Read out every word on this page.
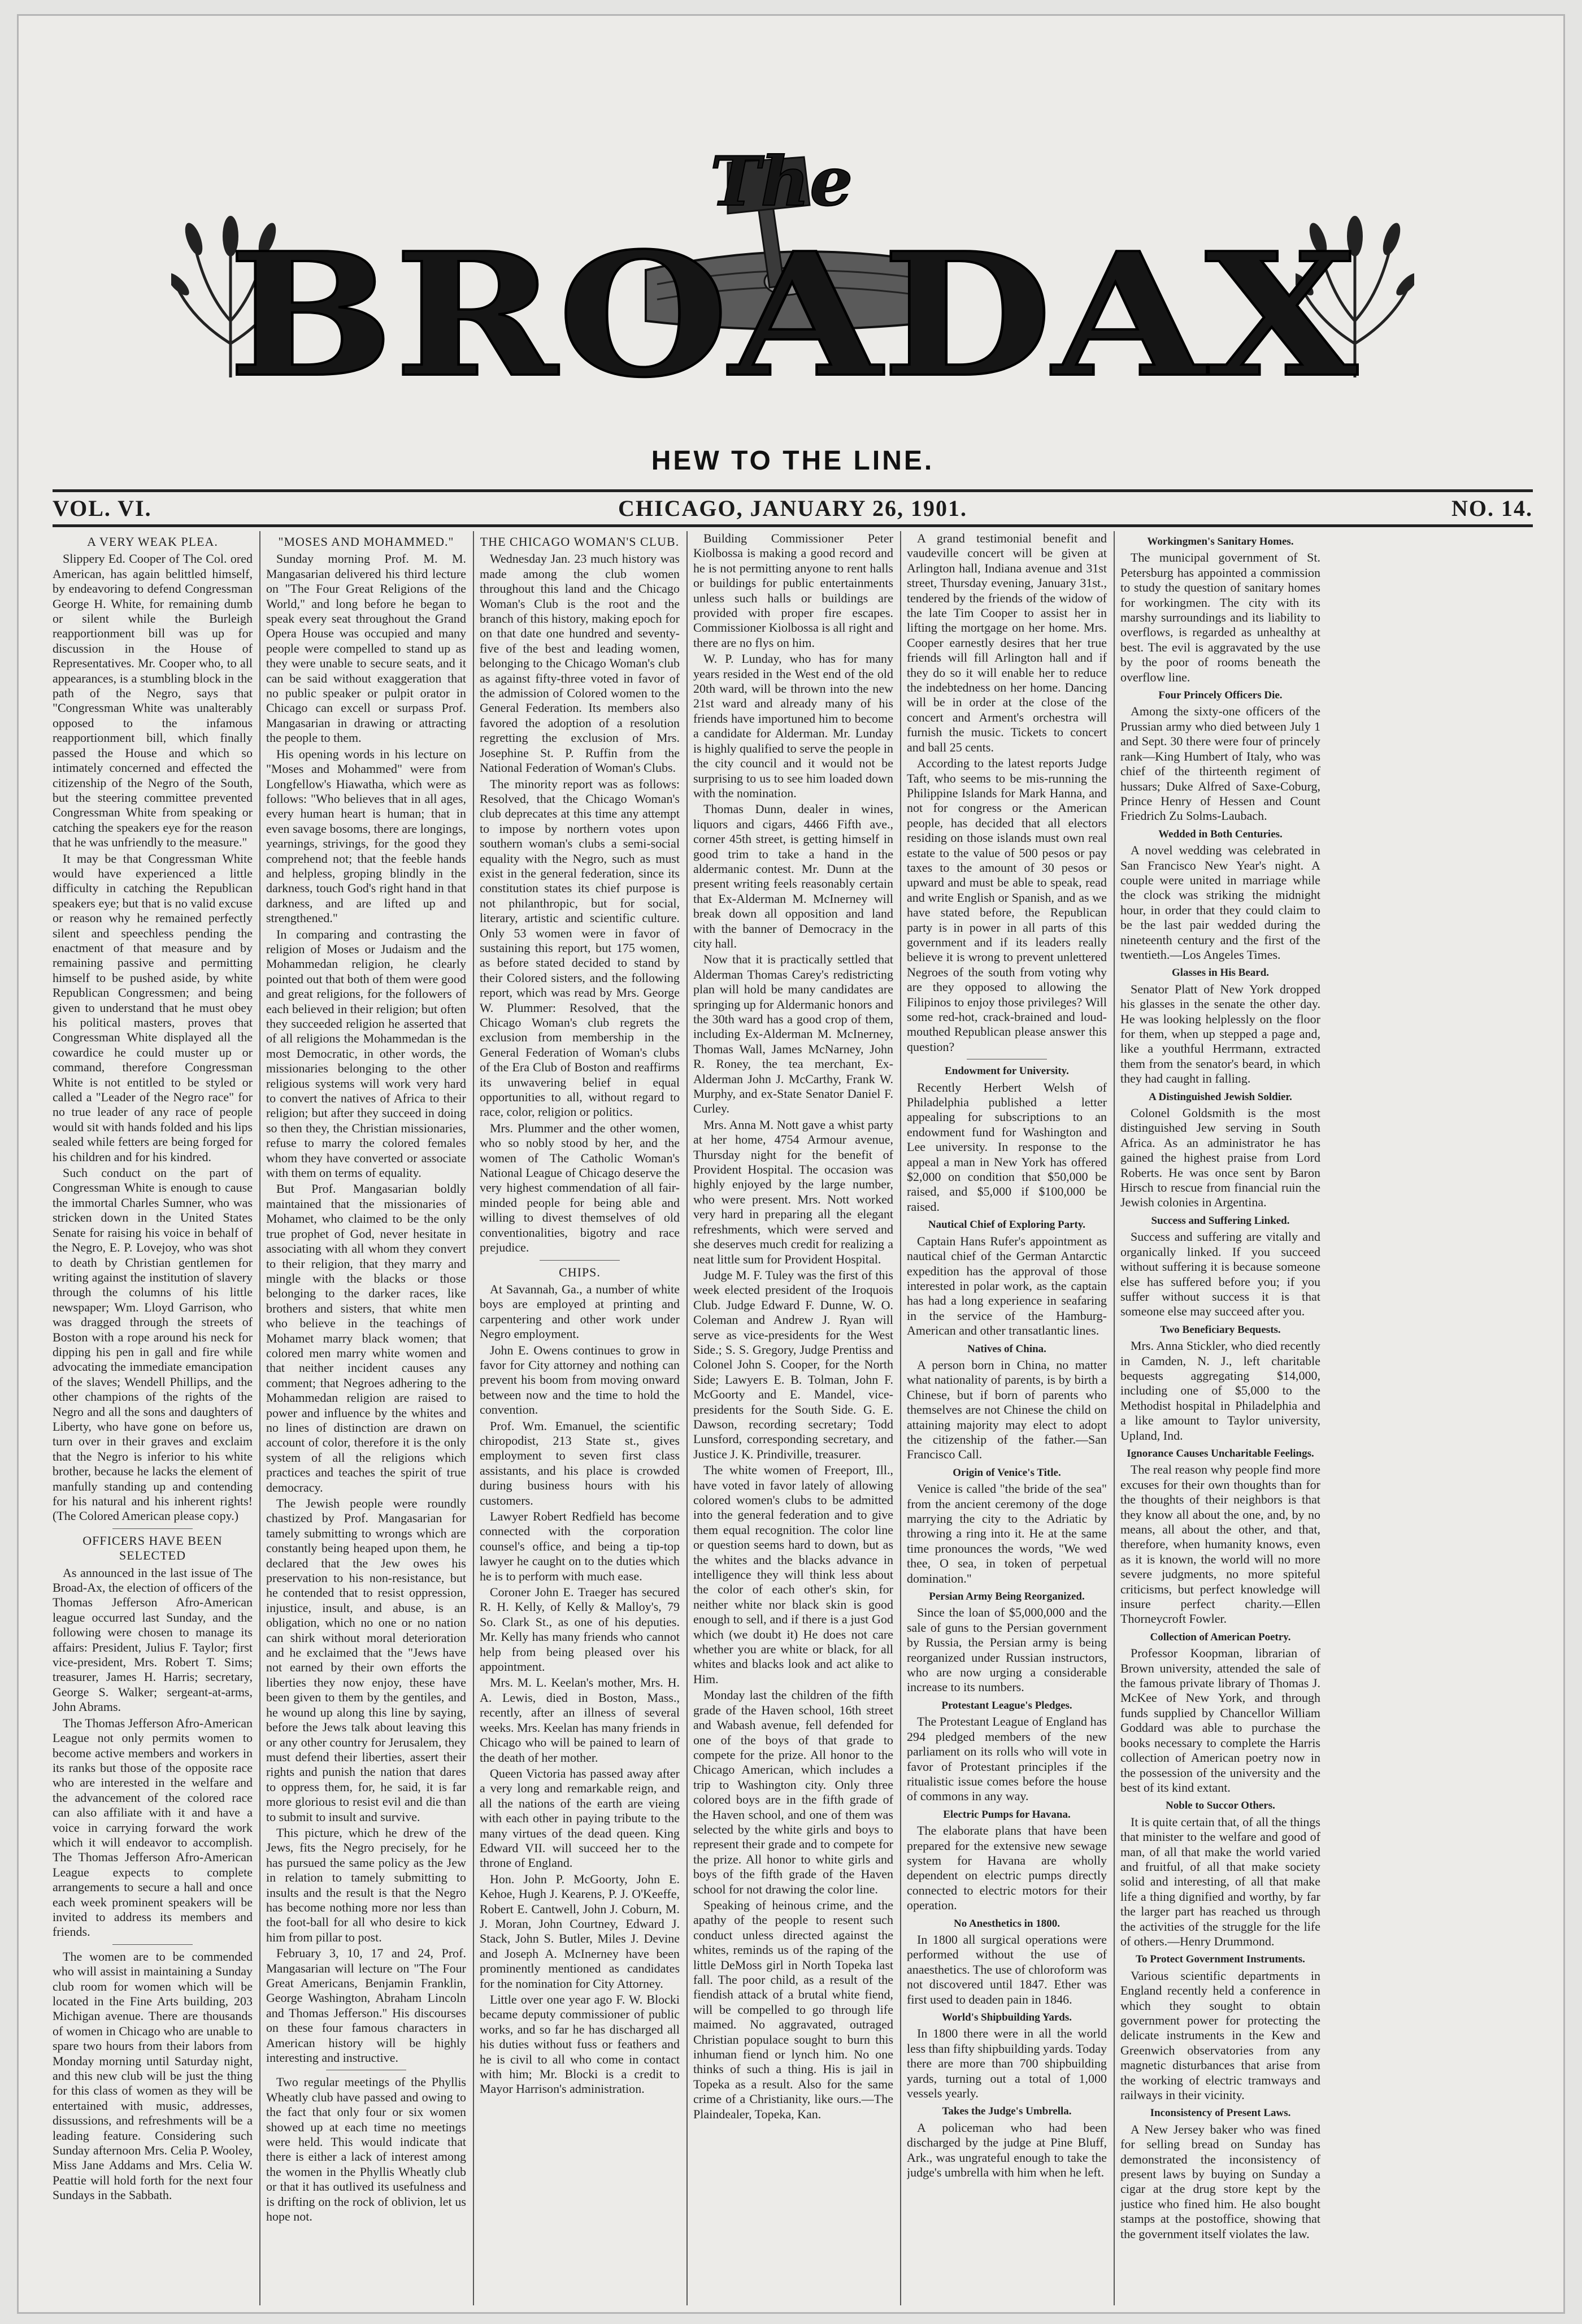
The
BROADAX
HEW TO THE LINE.
VOL. VI.	CHICAGO, JANUARY 26, 1901.	NO. 14.
A VERY WEAK PLEA.

Slippery Ed. Cooper of The Col. ored American, has again belittled himself, by endeavoring to defend Congressman George H. White, for remaining dumb or silent while the Burleigh reapportionment bill was up for discussion in the House of Representatives. Mr. Cooper who, to all appearances, is a stumbling block in the path of the Negro, says that "Congressman White was unalterably opposed to the infamous reapportionment bill, which finally passed the House and which so intimately concerned and effected the citizenship of the Negro of the South, but the steering committee prevented Congressman White from speaking or catching the speakers eye for the reason that he was unfriendly to the measure."

It may be that Congressman White would have experienced a little difficulty in catching the Republican speakers eye; but that is no valid excuse or reason why he remained perfectly silent and speechless pending the enactment of that measure and by remaining passive and permitting himself to be pushed aside, by white Republican Congressmen; and being given to understand that he must obey his political masters, proves that Congressman White displayed all the cowardice he could muster up or command, therefore Congressman White is not entitled to be styled or called a "Leader of the Negro race" for no true leader of any race of people would sit with hands folded and his lips sealed while fetters are being forged for his children and for his kindred.

Such conduct on the part of Congressman White is enough to cause the immortal Charles Sumner, who was stricken down in the United States Senate for raising his voice in behalf of the Negro, E. P. Lovejoy, who was shot to death by Christian gentlemen for writing against the institution of slavery through the columns of his little newspaper; Wm. Lloyd Garrison, who was dragged through the streets of Boston with a rope around his neck for dipping his pen in gall and fire while advocating the immediate emancipation of the slaves; Wendell Phillips, and the other champions of the rights of the Negro and all the sons and daughters of Liberty, who have gone on before us, turn over in their graves and exclaim that the Negro is inferior to his white brother, because he lacks the element of manfully standing up and contending for his natural and his inherent rights! (The Colored American please copy.)

OFFICERS HAVE BEEN SELECTED

As announced in the last issue of The Broad-Ax, the election of officers of the Thomas Jefferson Afro-American league occurred last Sunday, and the following were chosen to manage its affairs: President, Julius F. Taylor; first vice-president, Mrs. Robert T. Sims; treasurer, James H. Harris; secretary, George S. Walker; sergeant-at-arms, John Abrams.

The Thomas Jefferson Afro-American League not only permits women to become active members and workers in its ranks but those of the opposite race who are interested in the welfare and the advancement of the colored race can also affiliate with it and have a voice in carrying forward the work which it will endeavor to accomplish. The Thomas Jefferson Afro-American League expects to complete arrangements to secure a hall and once each week prominent speakers will be invited to address its members and friends.

The women are to be commended who will assist in maintaining a Sunday club room for women which will be located in the Fine Arts building, 203 Michigan avenue. There are thousands of women in Chicago who are unable to spare two hours from their labors from Monday morning until Saturday night, and this new club will be just the thing for this class of women as they will be entertained with music, addresses, dissussions, and refreshments will be a leading feature. Considering such Sunday afternoon Mrs. Celia P. Wooley, Miss Jane Addams and Mrs. Celia W. Peattie will hold forth for the next four Sundays in the Sabbath.

"MOSES AND MOHAMMED."

Sunday morning Prof. M. M. Mangasarian delivered his third lecture on "The Four Great Religions of the World," and long before he began to speak every seat throughout the Grand Opera House was occupied and many people were compelled to stand up as they were unable to secure seats, and it can be said without exaggeration that no public speaker or pulpit orator in Chicago can excell or surpass Prof. Mangasarian in drawing or attracting the people to them.

His opening words in his lecture on "Moses and Mohammed" were from Longfellow's Hiawatha, which were as follows: "Who believes that in all ages, every human heart is human; that in even savage bosoms, there are longings, yearnings, strivings, for the good they comprehend not; that the feeble hands and helpless, groping blindly in the darkness, touch God's right hand in that darkness, and are lifted up and strengthened."

In comparing and contrasting the religion of Moses or Judaism and the Mohammedan religion, he clearly pointed out that both of them were good and great religions, for the followers of each believed in their religion; but often they succeeded religion he asserted that of all religions the Mohammedan is the most Democratic, in other words, the missionaries belonging to the other religious systems will work very hard to convert the natives of Africa to their religion; but after they succeed in doing so then they, the Christian missionaries, refuse to marry the colored females whom they have converted or associate with them on terms of equality.

But Prof. Mangasarian boldly maintained that the missionaries of Mohamet, who claimed to be the only true prophet of God, never hesitate in associating with all whom they convert to their religion, that they marry and mingle with the blacks or those belonging to the darker races, like brothers and sisters, that white men who believe in the teachings of Mohamet marry black women; that colored men marry white women and that neither incident causes any comment; that Negroes adhering to the Mohammedan religion are raised to power and influence by the whites and no lines of distinction are drawn on account of color, therefore it is the only system of all the religions which practices and teaches the spirit of true democracy.

The Jewish people were roundly chastized by Prof. Mangasarian for tamely submitting to wrongs which are constantly being heaped upon them, he declared that the Jew owes his preservation to his non-resistance, but he contended that to resist oppression, injustice, insult, and abuse, is an obligation, which no one or no nation can shirk without moral deterioration and he exclaimed that the "Jews have not earned by their own efforts the liberties they now enjoy, these have been given to them by the gentiles, and he wound up along this line by saying, before the Jews talk about leaving this or any other country for Jerusalem, they must defend their liberties, assert their rights and punish the nation that dares to oppress them, for, he said, it is far more glorious to resist evil and die than to submit to insult and survive.

This picture, which he drew of the Jews, fits the Negro precisely, for he has pursued the same policy as the Jew in relation to tamely submitting to insults and the result is that the Negro has become nothing more nor less than the foot-ball for all who desire to kick him from pillar to post.

February 3, 10, 17 and 24, Prof. Mangasarian will lecture on "The Four Great Americans, Benjamin Franklin, George Washington, Abraham Lincoln and Thomas Jefferson." His discourses on these four famous characters in American history will be highly interesting and instructive.

Two regular meetings of the Phyllis Wheatly club have passed and owing to the fact that only four or six women showed up at each time no meetings were held. This would indicate that there is either a lack of interest among the women in the Phyllis Wheatly club or that it has outlived its usefulness and is drifting on the rock of oblivion, let us hope not.

THE CHICAGO WOMAN'S CLUB.

Wednesday Jan. 23 much history was made among the club women throughout this land and the Chicago Woman's Club is the root and the branch of this history, making epoch for on that date one hundred and seventy-five of the best and leading women, belonging to the Chicago Woman's club as against fifty-three voted in favor of the admission of Colored women to the General Federation. Its members also favored the adoption of a resolution regretting the exclusion of Mrs. Josephine St. P. Ruffin from the National Federation of Woman's Clubs.

The minority report was as follows: Resolved, that the Chicago Woman's club deprecates at this time any attempt to impose by northern votes upon southern woman's clubs a semi-social equality with the Negro, such as must exist in the general federation, since its constitution states its chief purpose is not philanthropic, but for social, literary, artistic and scientific culture. Only 53 women were in favor of sustaining this report, but 175 women, as before stated decided to stand by their Colored sisters, and the following report, which was read by Mrs. George W. Plummer: Resolved, that the Chicago Woman's club regrets the exclusion from membership in the General Federation of Woman's clubs of the Era Club of Boston and reaffirms its unwavering belief in equal opportunities to all, without regard to race, color, religion or politics.

Mrs. Plummer and the other women, who so nobly stood by her, and the women of The Catholic Woman's National League of Chicago deserve the very highest commendation of all fair-minded people for being able and willing to divest themselves of old conventionalities, bigotry and race prejudice.

CHIPS.

At Savannah, Ga., a number of white boys are employed at printing and carpentering and other work under Negro employment.

John E. Owens continues to grow in favor for City attorney and nothing can prevent his boom from moving onward between now and the time to hold the convention.

Prof. Wm. Emanuel, the scientific chiropodist, 213 State st., gives employment to seven first class assistants, and his place is crowded during business hours with his customers.

Lawyer Robert Redfield has become connected with the corporation counsel's office, and being a tip-top lawyer he caught on to the duties which he is to perform with much ease.

Coroner John E. Traeger has secured R. H. Kelly, of Kelly & Malloy's, 79 So. Clark St., as one of his deputies. Mr. Kelly has many friends who cannot help from being pleased over his appointment.

Mrs. M. L. Keelan's mother, Mrs. H. A. Lewis, died in Boston, Mass., recently, after an illness of several weeks. Mrs. Keelan has many friends in Chicago who will be pained to learn of the death of her mother.

Queen Victoria has passed away after a very long and remarkable reign, and all the nations of the earth are vieing with each other in paying tribute to the many virtues of the dead queen. King Edward VII. will succeed her to the throne of England.

Hon. John P. McGoorty, John E. Kehoe, Hugh J. Kearens, P. J. O'Keeffe, Robert E. Cantwell, John J. Coburn, M. J. Moran, John Courtney, Edward J. Stack, John S. Butler, Miles J. Devine and Joseph A. McInerney have been prominently mentioned as candidates for the nomination for City Attorney.

Little over one year ago F. W. Blocki became deputy commissioner of public works, and so far he has discharged all his duties without fuss or feathers and he is civil to all who come in contact with him; Mr. Blocki is a credit to Mayor Harrison's administration.

Building Commissioner Peter Kiolbossa is making a good record and he is not permitting anyone to rent halls or buildings for public entertainments unless such halls or buildings are provided with proper fire escapes. Commissioner Kiolbossa is all right and there are no flys on him.

W. P. Lunday, who has for many years resided in the West end of the old 20th ward, will be thrown into the new 21st ward and already many of his friends have importuned him to become a candidate for Alderman. Mr. Lunday is highly qualified to serve the people in the city council and it would not be surprising to us to see him loaded down with the nomination.

Thomas Dunn, dealer in wines, liquors and cigars, 4466 Fifth ave., corner 45th street, is getting himself in good trim to take a hand in the aldermanic contest. Mr. Dunn at the present writing feels reasonably certain that Ex-Alderman M. McInerney will break down all opposition and land with the banner of Democracy in the city hall.

Now that it is practically settled that Alderman Thomas Carey's redistricting plan will hold be many candidates are springing up for Aldermanic honors and the 30th ward has a good crop of them, including Ex-Alderman M. McInerney, Thomas Wall, James McNarney, John R. Roney, the tea merchant, Ex-Alderman John J. McCarthy, Frank W. Murphy, and ex-State Senator Daniel F. Curley.

Mrs. Anna M. Nott gave a whist party at her home, 4754 Armour avenue, Thursday night for the benefit of Provident Hospital. The occasion was highly enjoyed by the large number, who were present. Mrs. Nott worked very hard in preparing all the elegant refreshments, which were served and she deserves much credit for realizing a neat little sum for Provident Hospital.

Judge M. F. Tuley was the first of this week elected president of the Iroquois Club. Judge Edward F. Dunne, W. O. Coleman and Andrew J. Ryan will serve as vice-presidents for the West Side.; S. S. Gregory, Judge Prentiss and Colonel John S. Cooper, for the North Side; Lawyers E. B. Tolman, John F. McGoorty and E. Mandel, vice-presidents for the South Side. G. E. Dawson, recording secretary; Todd Lunsford, corresponding secretary, and Justice J. K. Prindiville, treasurer.

The white women of Freeport, Ill., have voted in favor lately of allowing colored women's clubs to be admitted into the general federation and to give them equal recognition. The color line or question seems hard to down, but as the whites and the blacks advance in intelligence they will think less about the color of each other's skin, for neither white nor black skin is good enough to sell, and if there is a just God which (we doubt it) He does not care whether you are white or black, for all whites and blacks look and act alike to Him.

Monday last the children of the fifth grade of the Haven school, 16th street and Wabash avenue, fell defended for one of the boys of that grade to compete for the prize. All honor to the Chicago American, which includes a trip to Washington city. Only three colored boys are in the fifth grade of the Haven school, and one of them was selected by the white girls and boys to represent their grade and to compete for the prize. All honor to white girls and boys of the fifth grade of the Haven school for not drawing the color line.

Speaking of heinous crime, and the apathy of the people to resent such conduct unless directed against the whites, reminds us of the raping of the little DeMoss girl in North Topeka last fall. The poor child, as a result of the fiendish attack of a brutal white fiend, will be compelled to go through life maimed. No aggravated, outraged Christian populace sought to burn this inhuman fiend or lynch him. No one thinks of such a thing. His is jail in Topeka as a result. Also for the same crime of a Christianity, like ours.—The Plaindealer, Topeka, Kan.

A grand testimonial benefit and vaudeville concert will be given at Arlington hall, Indiana avenue and 31st street, Thursday evening, January 31st., tendered by the friends of the widow of the late Tim Cooper to assist her in lifting the mortgage on her home. Mrs. Cooper earnestly desires that her true friends will fill Arlington hall and if they do so it will enable her to reduce the indebtedness on her home. Dancing will be in order at the close of the concert and Arment's orchestra will furnish the music. Tickets to concert and ball 25 cents.

According to the latest reports Judge Taft, who seems to be mis-running the Philippine Islands for Mark Hanna, and not for congress or the American people, has decided that all electors residing on those islands must own real estate to the value of 500 pesos or pay taxes to the amount of 30 pesos or upward and must be able to speak, read and write English or Spanish, and as we have stated before, the Republican party is in power in all parts of this government and if its leaders really believe it is wrong to prevent unlettered Negroes of the south from voting why are they opposed to allowing the Filipinos to enjoy those privileges? Will some red-hot, crack-brained and loud-mouthed Republican please answer this question?

Endowment for University.

Recently Herbert Welsh of Philadelphia published a letter appealing for subscriptions to an endowment fund for Washington and Lee university. In response to the appeal a man in New York has offered $2,000 on condition that $50,000 be raised, and $5,000 if $100,000 be raised.

Nautical Chief of Exploring Party.

Captain Hans Rufer's appointment as nautical chief of the German Antarctic expedition has the approval of those interested in polar work, as the captain has had a long experience in seafaring in the service of the Hamburg-American and other transatlantic lines.

Natives of China.

A person born in China, no matter what nationality of parents, is by birth a Chinese, but if born of parents who themselves are not Chinese the child on attaining majority may elect to adopt the citizenship of the father.—San Francisco Call.

Origin of Venice's Title.

Venice is called "the bride of the sea" from the ancient ceremony of the doge marrying the city to the Adriatic by throwing a ring into it. He at the same time pronounces the words, "We wed thee, O sea, in token of perpetual domination."

Persian Army Being Reorganized.

Since the loan of $5,000,000 and the sale of guns to the Persian government by Russia, the Persian army is being reorganized under Russian instructors, who are now urging a considerable increase to its numbers.

Protestant League's Pledges.

The Protestant League of England has 294 pledged members of the new parliament on its rolls who will vote in favor of Protestant principles if the ritualistic issue comes before the house of commons in any way.

Electric Pumps for Havana.

The elaborate plans that have been prepared for the extensive new sewage system for Havana are wholly dependent on electric pumps directly connected to electric motors for their operation.

No Anesthetics in 1800.

In 1800 all surgical operations were performed without the use of anaesthetics. The use of chloroform was not discovered until 1847. Ether was first used to deaden pain in 1846.

World's Shipbuilding Yards.

In 1800 there were in all the world less than fifty shipbuilding yards. Today there are more than 700 shipbuilding yards, turning out a total of 1,000 vessels yearly.

Takes the Judge's Umbrella.

A policeman who had been discharged by the judge at Pine Bluff, Ark., was ungrateful enough to take the judge's umbrella with him when he left.

Workingmen's Sanitary Homes.

The municipal government of St. Petersburg has appointed a commission to study the question of sanitary homes for workingmen. The city with its marshy surroundings and its liability to overflows, is regarded as unhealthy at best. The evil is aggravated by the use by the poor of rooms beneath the overflow line.

Four Princely Officers Die.

Among the sixty-one officers of the Prussian army who died between July 1 and Sept. 30 there were four of princely rank—King Humbert of Italy, who was chief of the thirteenth regiment of hussars; Duke Alfred of Saxe-Coburg, Prince Henry of Hessen and Count Friedrich Zu Solms-Laubach.

Wedded in Both Centuries.

A novel wedding was celebrated in San Francisco New Year's night. A couple were united in marriage while the clock was striking the midnight hour, in order that they could claim to be the last pair wedded during the nineteenth century and the first of the twentieth.—Los Angeles Times.

Glasses in His Beard.

Senator Platt of New York dropped his glasses in the senate the other day. He was looking helplessly on the floor for them, when up stepped a page and, like a youthful Herrmann, extracted them from the senator's beard, in which they had caught in falling.

A Distinguished Jewish Soldier.

Colonel Goldsmith is the most distinguished Jew serving in South Africa. As an administrator he has gained the highest praise from Lord Roberts. He was once sent by Baron Hirsch to rescue from financial ruin the Jewish colonies in Argentina.

Success and Suffering Linked.

Success and suffering are vitally and organically linked. If you succeed without suffering it is because someone else has suffered before you; if you suffer without success it is that someone else may succeed after you.

Two Beneficiary Bequests.

Mrs. Anna Stickler, who died recently in Camden, N. J., left charitable bequests aggregating $14,000, including one of $5,000 to the Methodist hospital in Philadelphia and a like amount to Taylor university, Upland, Ind.

Ignorance Causes Uncharitable Feelings.

The real reason why people find more excuses for their own thoughts than for the thoughts of their neighbors is that they know all about the one, and, by no means, all about the other, and that, therefore, when humanity knows, even as it is known, the world will no more severe judgments, no more spiteful criticisms, but perfect knowledge will insure perfect charity.—Ellen Thorneycroft Fowler.

Collection of American Poetry.

Professor Koopman, librarian of Brown university, attended the sale of the famous private library of Thomas J. McKee of New York, and through funds supplied by Chancellor William Goddard was able to purchase the books necessary to complete the Harris collection of American poetry now in the possession of the university and the best of its kind extant.

Noble to Succor Others.

It is quite certain that, of all the things that minister to the welfare and good of man, of all that make the world varied and fruitful, of all that make society solid and interesting, of all that make life a thing dignified and worthy, by far the larger part has reached us through the activities of the struggle for the life of others.—Henry Drummond.

To Protect Government Instruments.

Various scientific departments in England recently held a conference in which they sought to obtain government power for protecting the delicate instruments in the Kew and Greenwich observatories from any magnetic disturbances that arise from the working of electric tramways and railways in their vicinity.

Inconsistency of Present Laws.

A New Jersey baker who was fined for selling bread on Sunday has demonstrated the inconsistency of present laws by buying on Sunday a cigar at the drug store kept by the justice who fined him. He also bought stamps at the postoffice, showing that the government itself violates the law.
